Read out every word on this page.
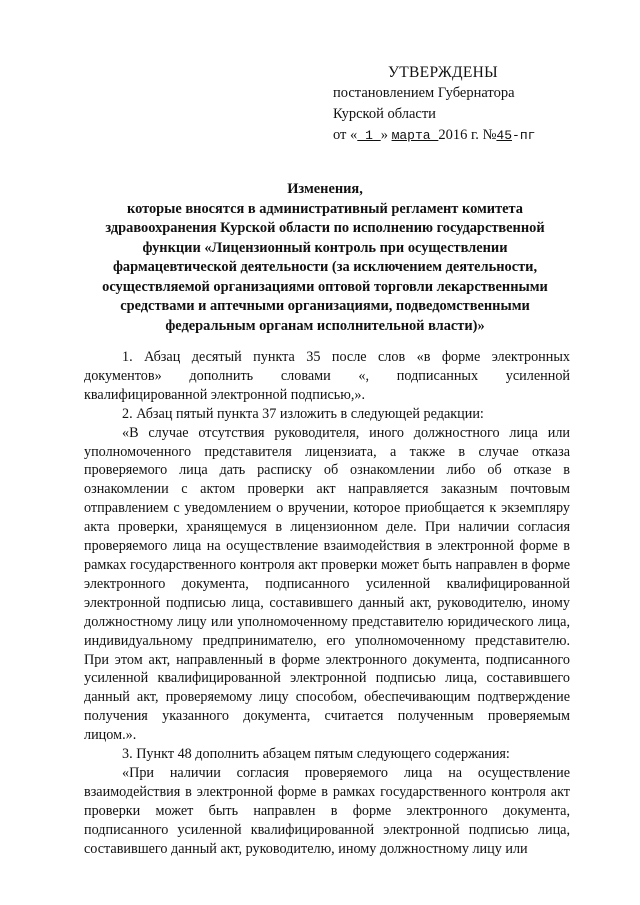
УТВЕРЖДЕНЫ
постановлением Губернатора
Курской области
от « 1 » марта 2016 г. №45-пг
Изменения,
которые вносятся в административный регламент комитета здравоохранения Курской области по исполнению государственной функции «Лицензионный контроль при осуществлении фармацевтической деятельности (за исключением деятельности, осуществляемой организациями оптовой торговли лекарственными средствами и аптечными организациями, подведомственными федеральным органам исполнительной власти)»

1. Абзац десятый пункта 35 после слов «в форме электронных документов» дополнить словами «, подписанных усиленной квалифицированной электронной подписью,».

2. Абзац пятый пункта 37 изложить в следующей редакции:

«В случае отсутствия руководителя, иного должностного лица или уполномоченного представителя лицензиата, а также в случае отказа проверяемого лица дать расписку об ознакомлении либо об отказе в ознакомлении с актом проверки акт направляется заказным почтовым отправлением с уведомлением о вручении, которое приобщается к экземпляру акта проверки, хранящемуся в лицензионном деле. При наличии согласия проверяемого лица на осуществление взаимодействия в электронной форме в рамках государственного контроля акт проверки может быть направлен в форме электронного документа, подписанного усиленной квалифицированной электронной подписью лица, составившего данный акт, руководителю, иному должностному лицу или уполномоченному представителю юридического лица, индивидуальному предпринимателю, его уполномоченному представителю. При этом акт, направленный в форме электронного документа, подписанного усиленной квалифицированной электронной подписью лица, составившего данный акт, проверяемому лицу способом, обеспечивающим подтверждение получения указанного документа, считается полученным проверяемым лицом.».

3. Пункт 48 дополнить абзацем пятым следующего содержания:

«При наличии согласия проверяемого лица на осуществление взаимодействия в электронной форме в рамках государственного контроля акт проверки может быть направлен в форме электронного документа, подписанного усиленной квалифицированной электронной подписью лица, составившего данный акт, руководителю, иному должностному лицу или
